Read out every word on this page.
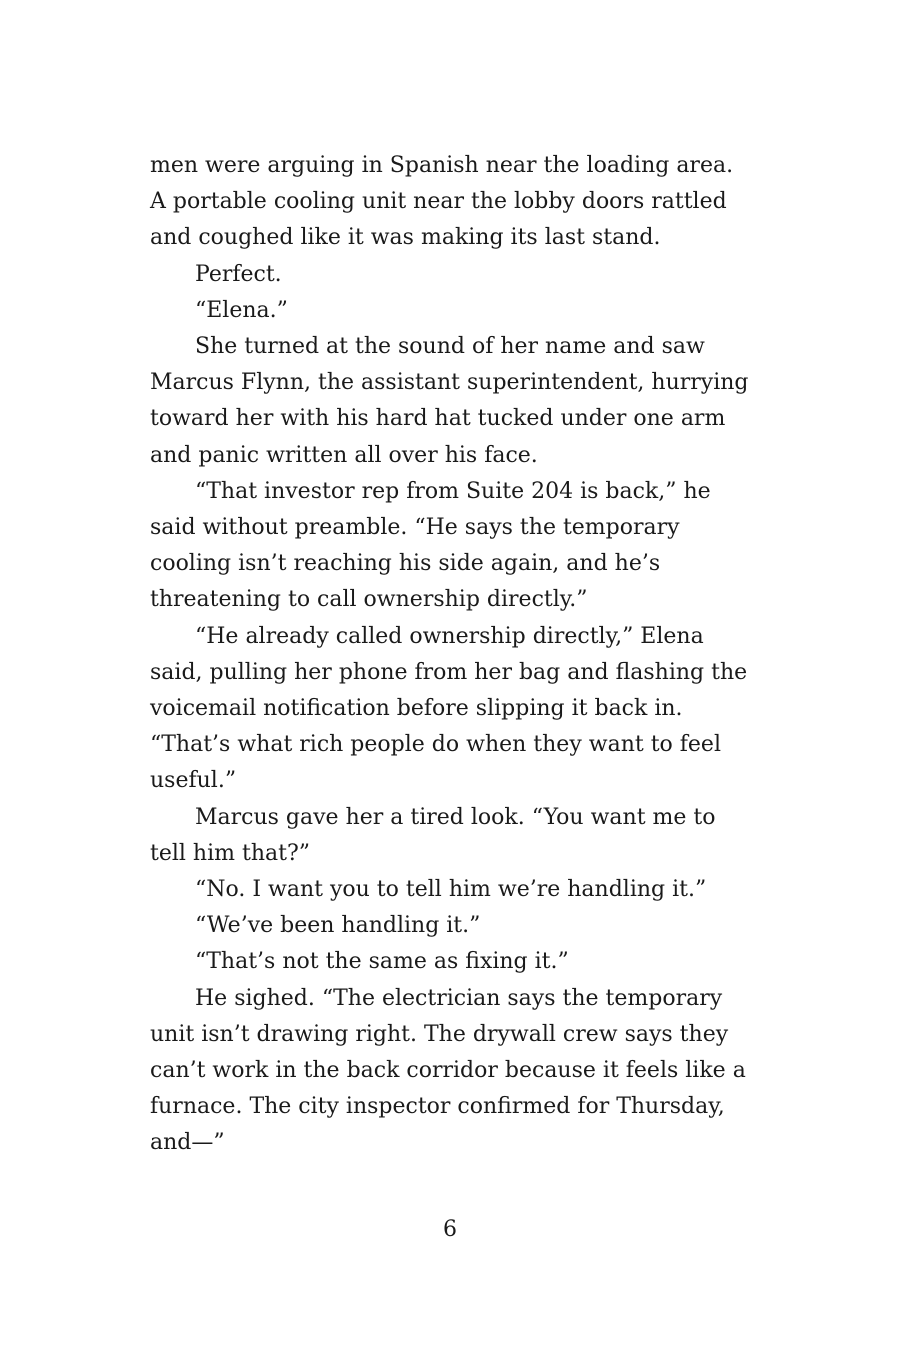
men were arguing in Spanish near the loading area. A portable cooling unit near the lobby doors rattled and coughed like it was making its last stand.

Perfect.

“Elena.”

She turned at the sound of her name and saw Marcus Flynn, the assistant superintendent, hurrying toward her with his hard hat tucked under one arm and panic written all over his face.

“That investor rep from Suite 204 is back,” he said without preamble. “He says the temporary cooling isn’t reaching his side again, and he’s threatening to call ownership directly.”

“He already called ownership directly,” Elena said, pulling her phone from her bag and flashing the voicemail notification before slipping it back in. “That’s what rich people do when they want to feel useful.”

Marcus gave her a tired look. “You want me to tell him that?”

“No. I want you to tell him we’re handling it.”

“We’ve been handling it.”

“That’s not the same as fixing it.”

He sighed. “The electrician says the temporary unit isn’t drawing right. The drywall crew says they can’t work in the back corridor because it feels like a furnace. The city inspector confirmed for Thursday, and—”

6
